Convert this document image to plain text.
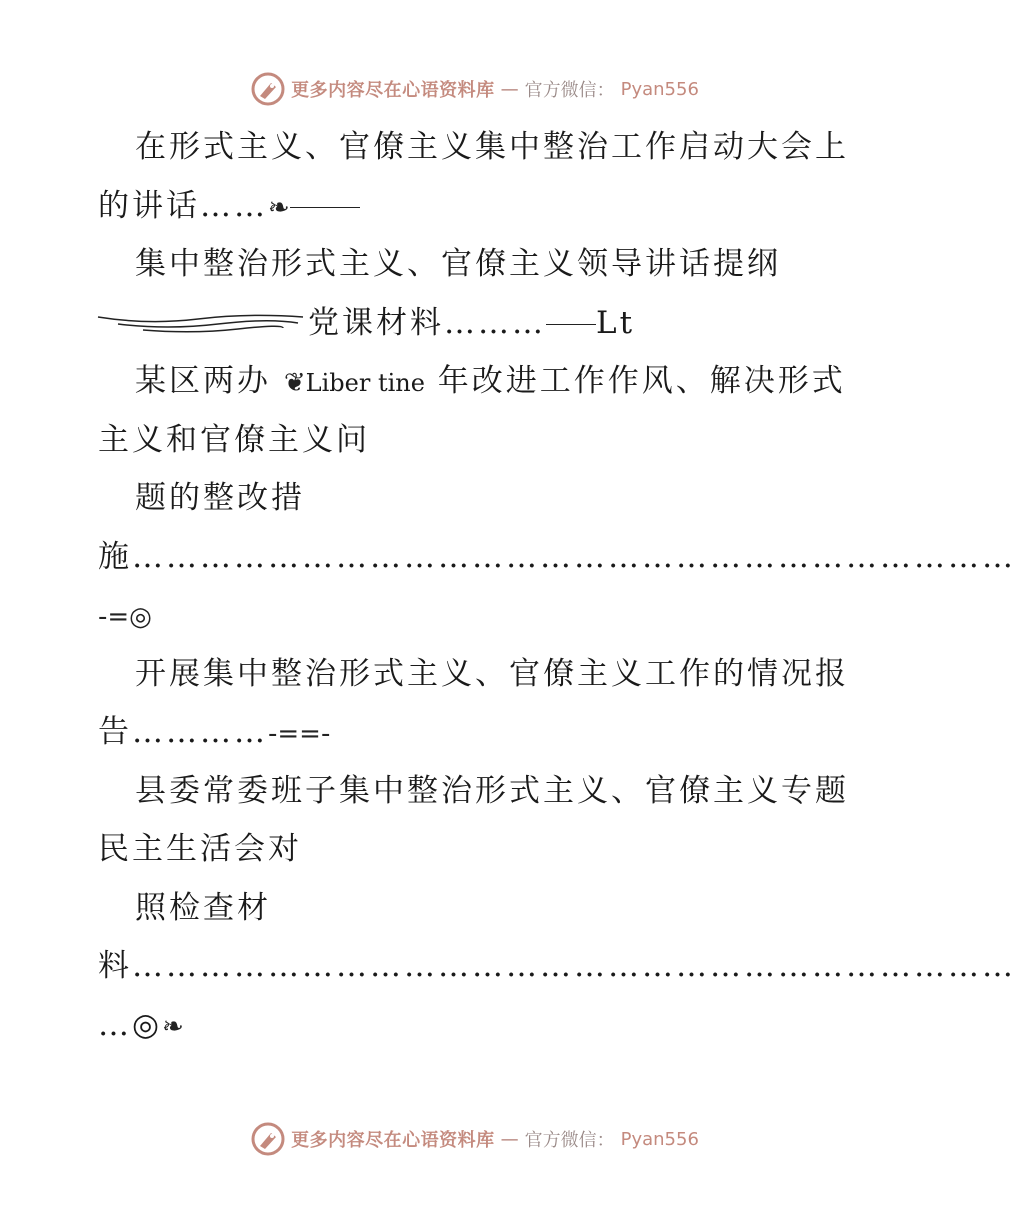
更多内容尽在心语资料库 — 官方微信： Pyan556
在形式主义、官僚主义集中整治工作启动大会上
的讲话……❧
集中整治形式主义、官僚主义领导讲话提纲
党课材料……… Lt
某区两办 ❦Liber tine 年改进工作作风、解决形式
主义和官僚主义问
题的整改措
施……………………………………………………………………
-=◎
开展集中整治形式主义、官僚主义工作的情况报
告…………-==-
县委常委班子集中整治形式主义、官僚主义专题
民主生活会对
照检查材
料……………………………………………………………………
…◎❧
更多内容尽在心语资料库 — 官方微信： Pyan556
